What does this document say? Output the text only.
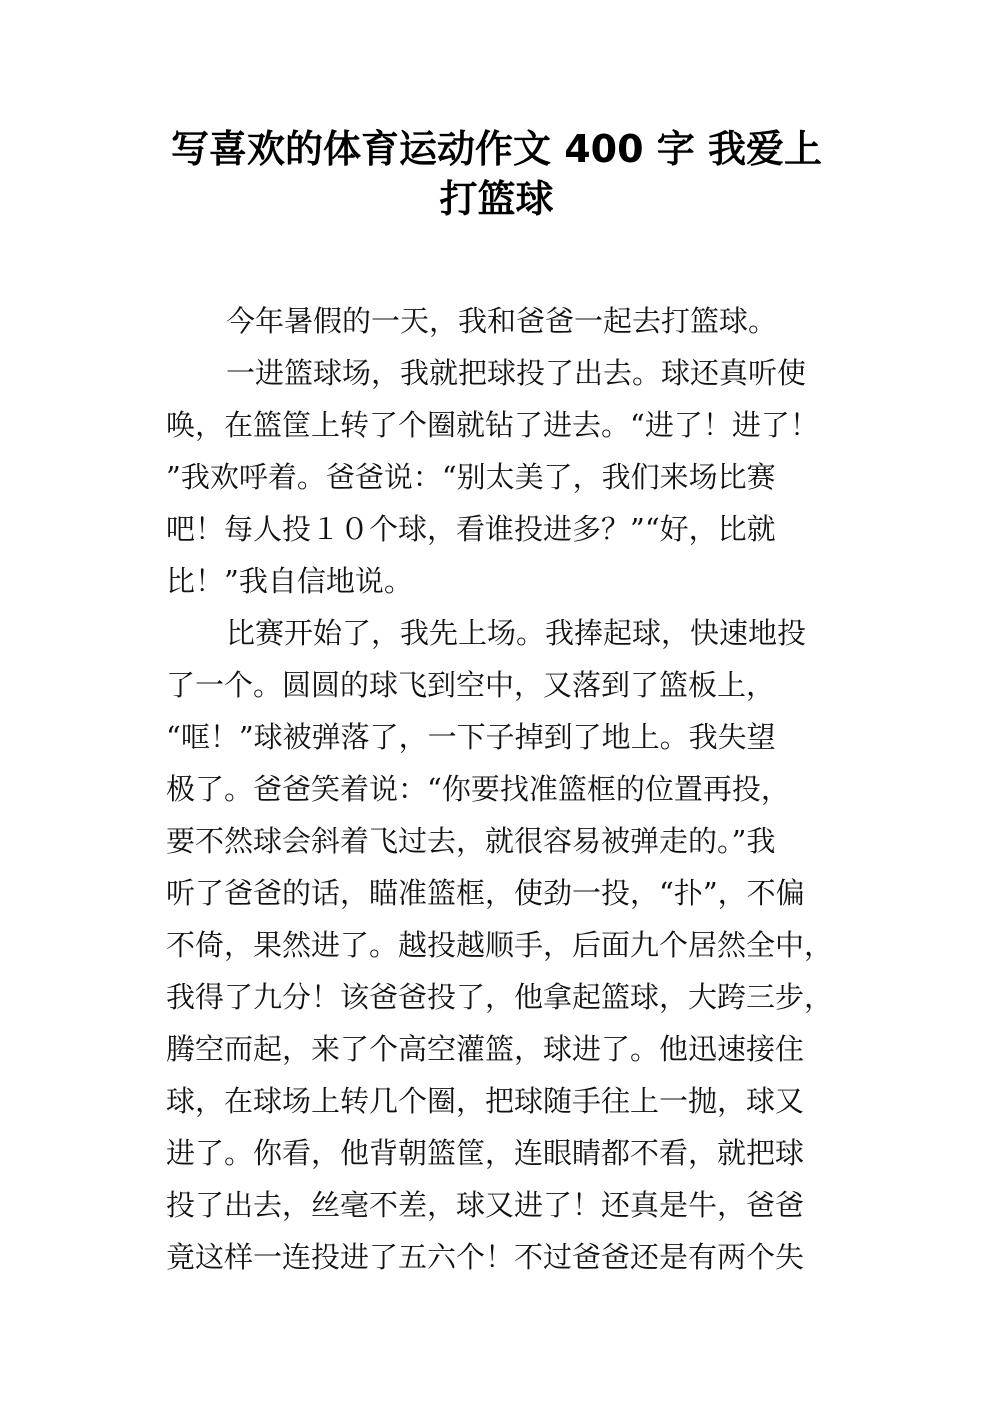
写喜欢的体育运动作文 400 字 我爱上
打篮球
今年暑假的一天，我和爸爸一起去打篮球。
一进篮球场，我就把球投了出去。球还真听使
唤，在篮筐上转了个圈就钻了进去。“进了！进了！
”我欢呼着。爸爸说：“别太美了，我们来场比赛
吧！每人投１０个球，看谁投进多？”“好，比就
比！”我自信地说。
比赛开始了，我先上场。我捧起球，快速地投
了一个。圆圆的球飞到空中，又落到了篮板上，
“哐！”球被弹落了，一下子掉到了地上。我失望
极了。爸爸笑着说：“你要找准篮框的位置再投，
要不然球会斜着飞过去，就很容易被弹走的。”我
听了爸爸的话，瞄准篮框，使劲一投，“扑”，不偏
不倚，果然进了。越投越顺手，后面九个居然全中，
我得了九分！该爸爸投了，他拿起篮球，大跨三步，
腾空而起，来了个高空灌篮，球进了。他迅速接住
球，在球场上转几个圈，把球随手往上一抛，球又
进了。你看，他背朝篮筐，连眼睛都不看，就把球
投了出去，丝毫不差，球又进了！还真是牛，爸爸
竟这样一连投进了五六个！不过爸爸还是有两个失
